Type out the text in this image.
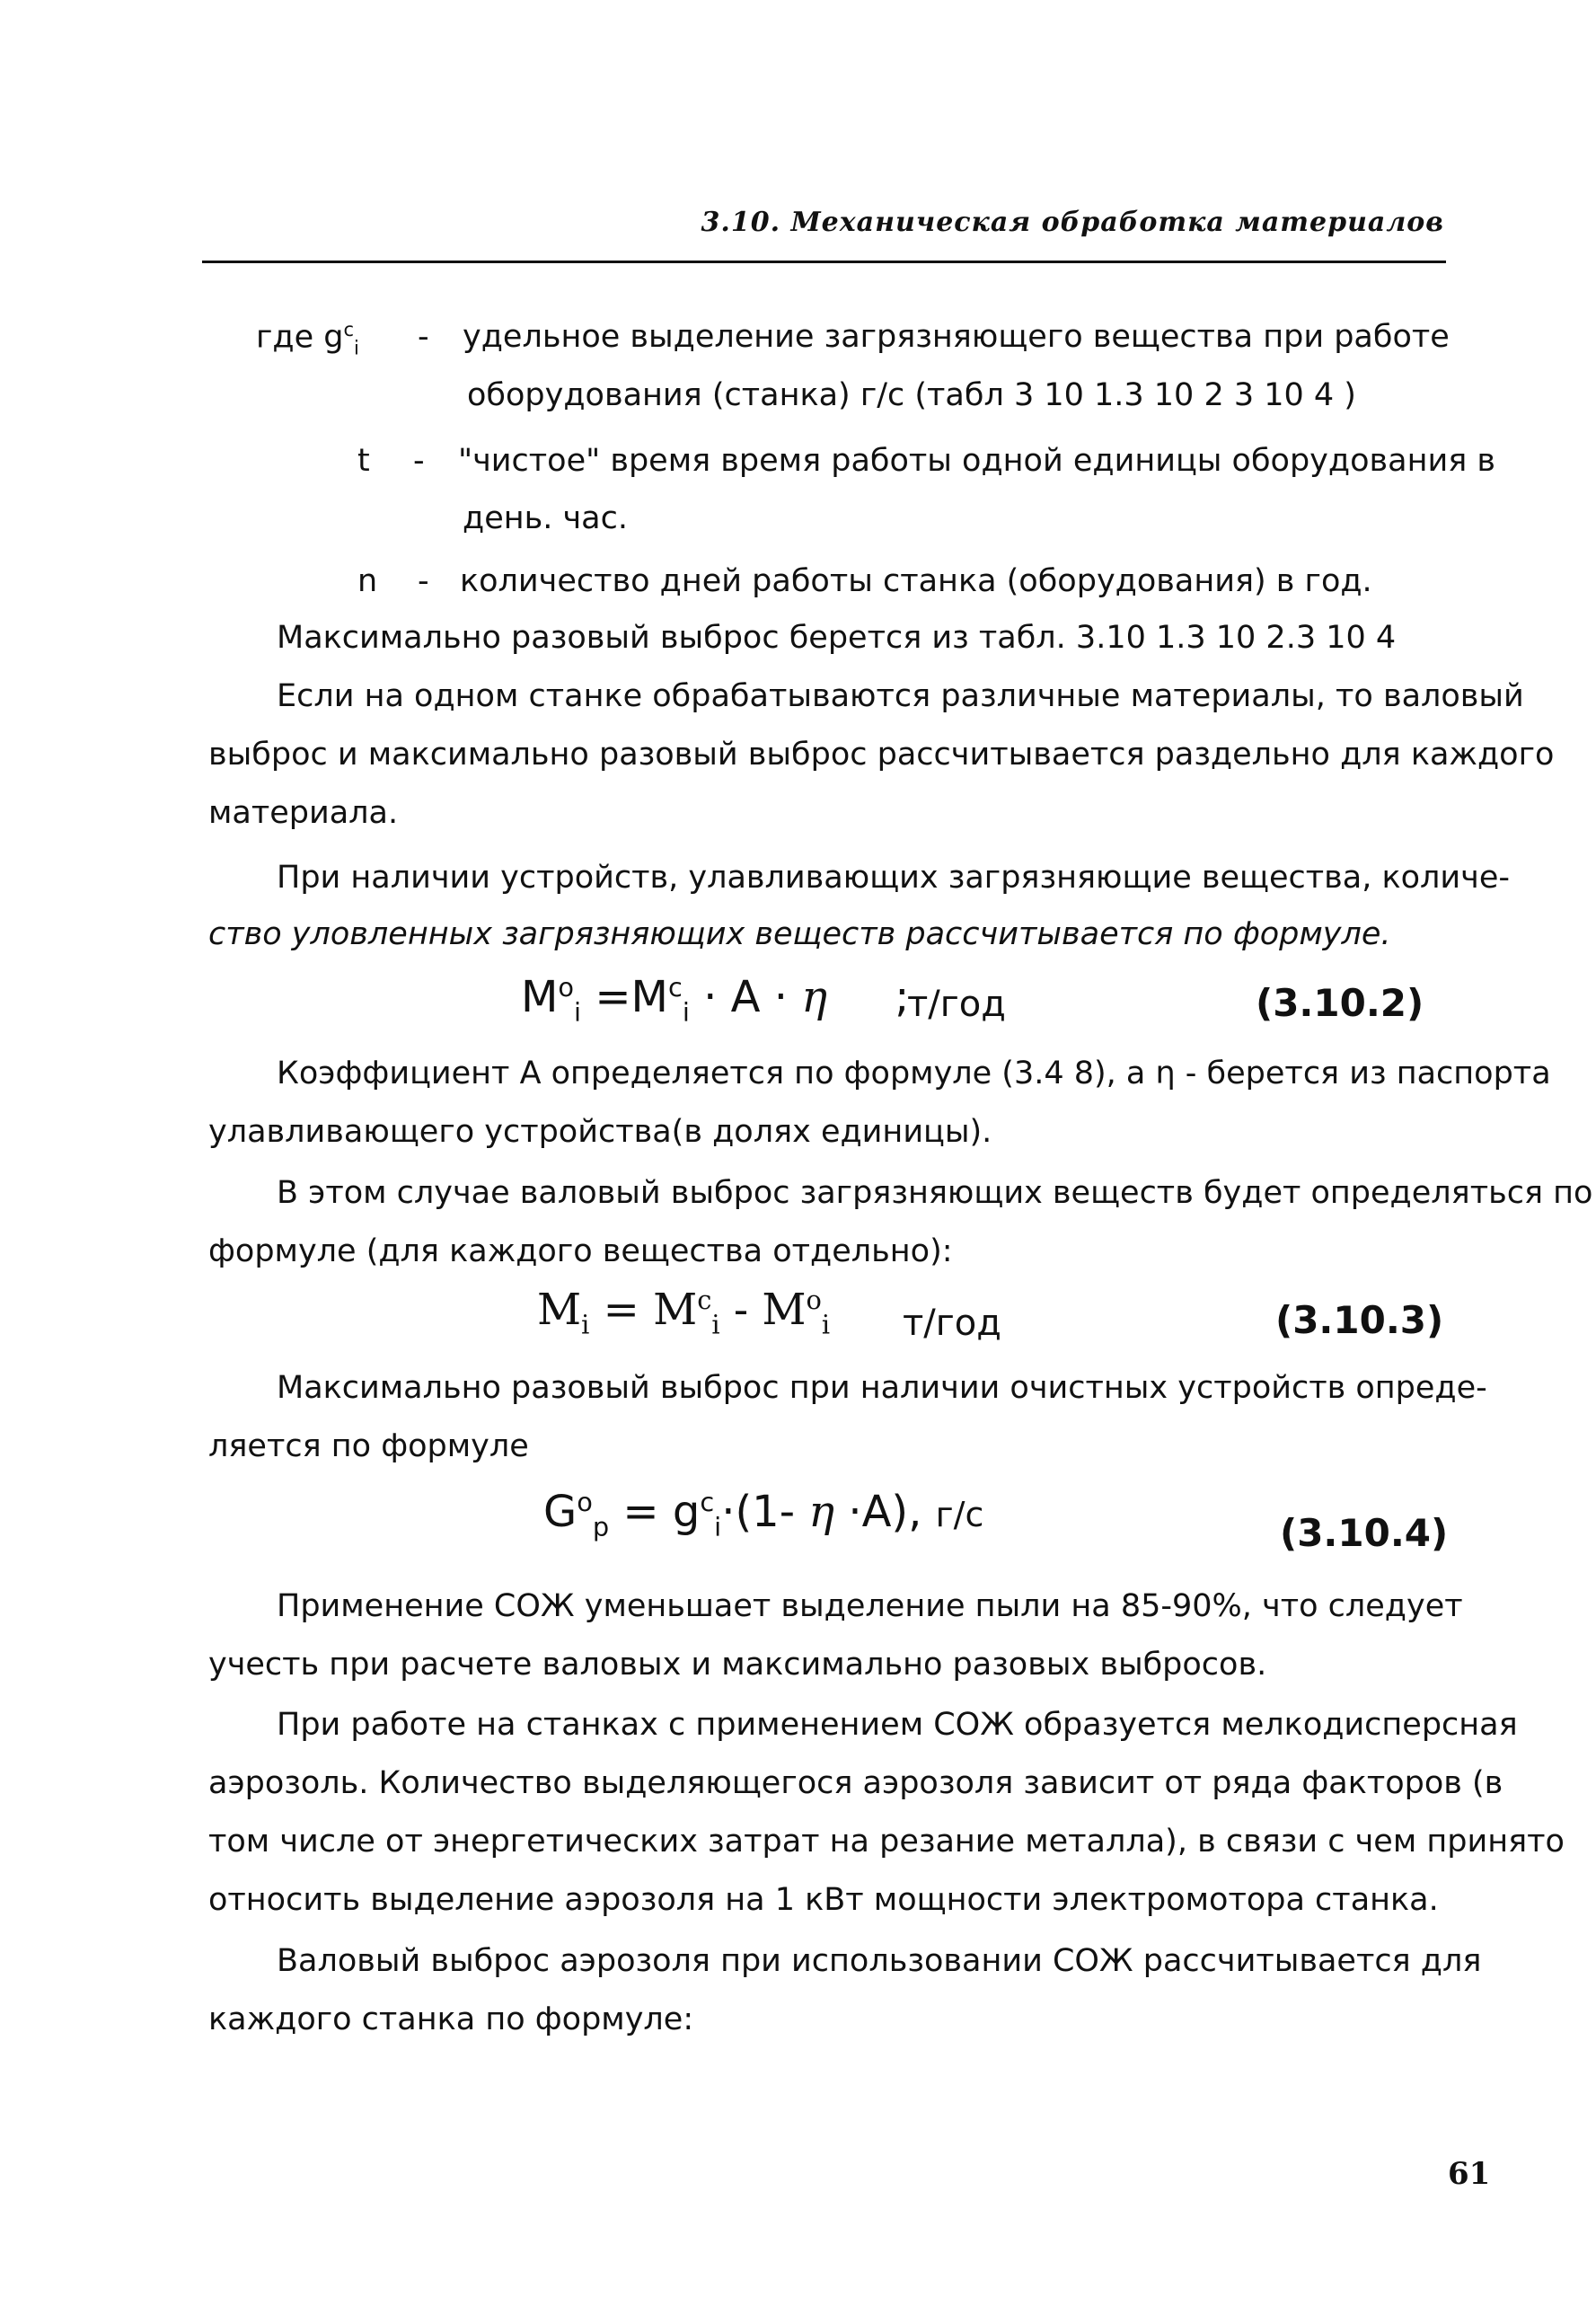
3.10. Механическая обработка материалов
где $g^c_i$ - удельное выделение загрязняющего вещества при работе
оборудования (станка) г/с (табл 3 10 1.3 10 2 3 10 4 )
t - "чистое" время время работы одной единицы оборудования в
день. час.
n - количество дней работы станка (оборудования) в год.
Максимально разовый выброс берется из табл. 3.10 1.3 10 2.3 10 4
Если на одном станке обрабатываются различные материалы, то валовый
выброс и максимально разовый выброс рассчитывается раздельно для каждого
материала.
При наличии устройств, улавливающих загрязняющие вещества, количе-
ство уловленных загрязняющих веществ рассчитывается по формуле.
$M^o_i =M^c_i \cdot A \cdot \eta$ ;
т/год	(3.10.2)
Коэффициент А определяется по формуле (3.4 8), а η - берется из паспорта
улавливающего устройства(в долях единицы).
В этом случае валовый выброс загрязняющих веществ будет определяться по
формуле (для каждого вещества отдельно):
$M_i = M^c_i - M^o_i$ т/год	(3.10.3)
Максимально разовый выброс при наличии очистных устройств опреде-
ляется по формуле
$G^o_p = g^c_i\cdot(1-$ η ·A), г/с	(3.10.4)
Применение СОЖ уменьшает выделение пыли на 85-90%, что следует
учесть при расчете валовых и максимально разовых выбросов.
При работе на станках с применением СОЖ образуется мелкодисперсная
аэрозоль. Количество выделяющегося аэрозоля зависит от ряда факторов (в
том числе от энергетических затрат на резание металла), в связи с чем принято
относить выделение аэрозоля на 1 кВт мощности электромотора станка.
Валовый выброс аэрозоля при использовании СОЖ рассчитывается для
каждого станка по формуле:
61
